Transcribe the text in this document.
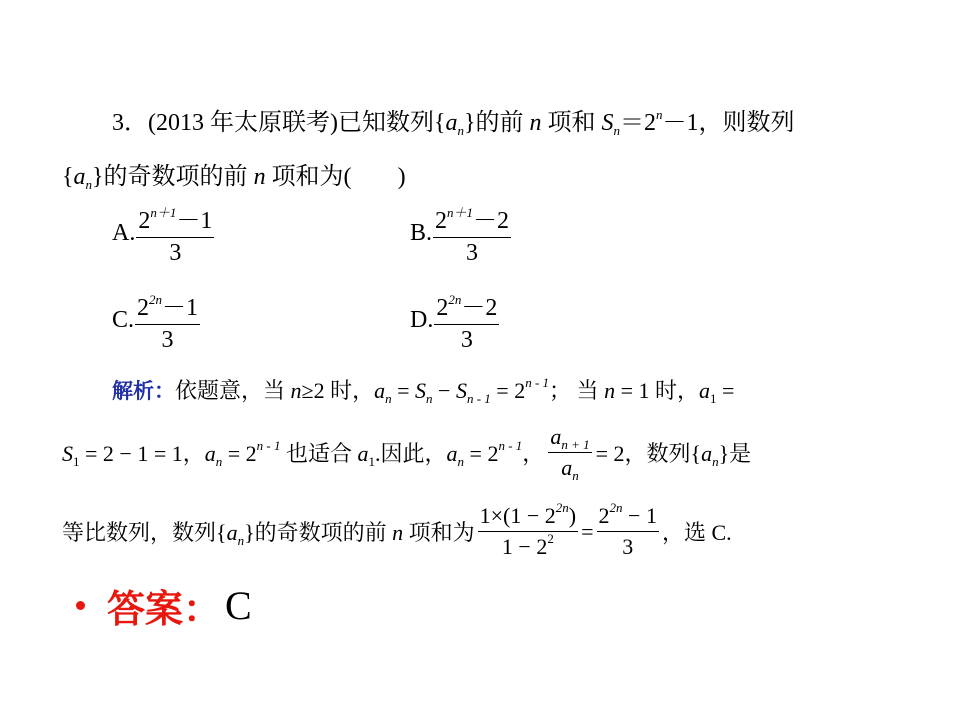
3．(2013 年太原联考)已知数列$\{a_n\}$的前 n 项和 $S_n=2^n-1$，则数列
$\{a_n\}$的奇数项的前 n 项和为( )
A. $\frac{2^{n+1}-1}{3}$	B. $\frac{2^{n+1}-2}{3}$
C. $\frac{2^{2n}-1}{3}$	D. $\frac{2^{2n}-2}{3}$
解析：依题意，当 n≥2 时，$a_n = S_n - S_{n - 1} = 2^{n - 1}$； 当 n = 1 时，$a_1$ =
$S_1 = 2 - 1 = 1$，$a_n = 2^{n - 1}$ 也适合 $a_1$.因此，$a_n = 2^{n - 1}$， $\frac{a_{n + 1}}{a_n} = 2$，数列$\{a_n\}$是
等比数列，数列$\{a_n\}$的奇数项的前 n 项和为 $\frac{1\times(1 - 2^{2n})}{1 - 2^2} = \frac{2^{2n} - 1}{3}$ ，选 C.
答案： C
